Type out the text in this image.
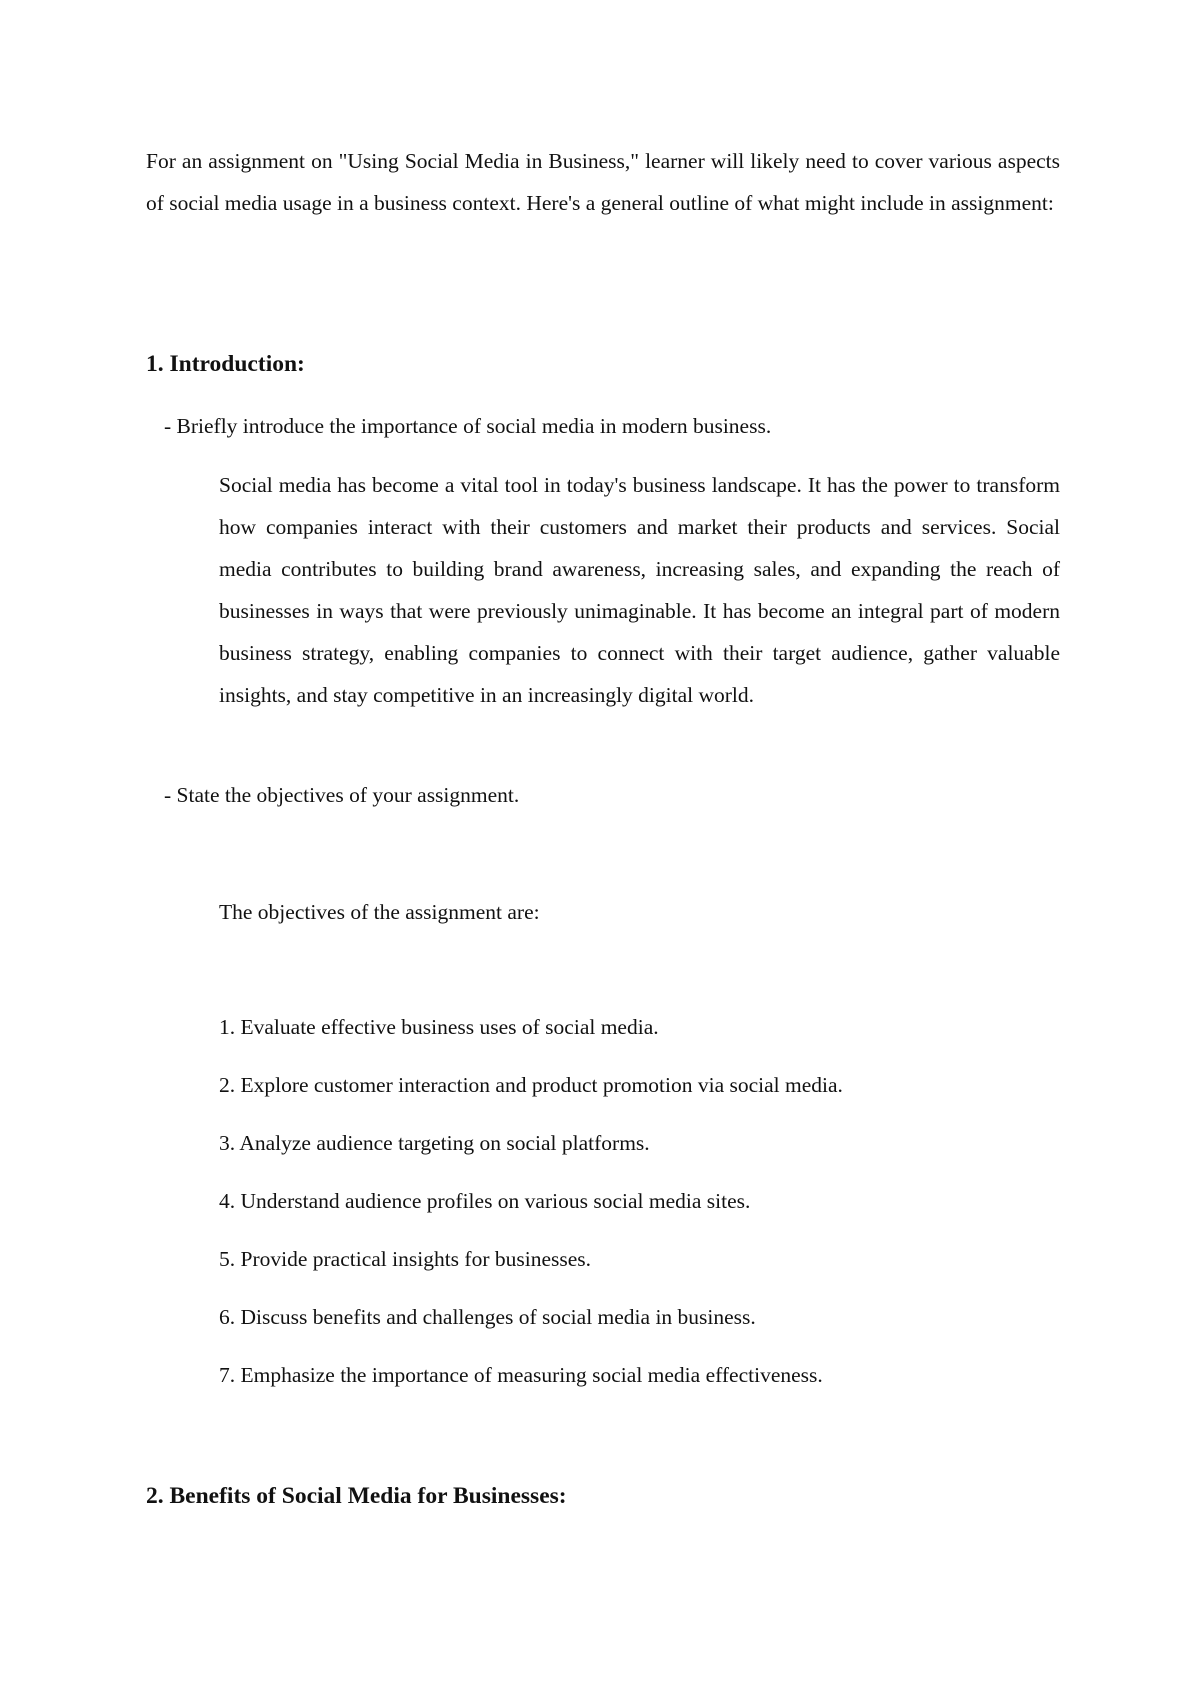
For an assignment on "Using Social Media in Business," learner will likely need to cover various aspects of social media usage in a business context. Here's a general outline of what might include in assignment:

1. Introduction:

- Briefly introduce the importance of social media in modern business.

Social media has become a vital tool in today's business landscape. It has the power to transform how companies interact with their customers and market their products and services. Social media contributes to building brand awareness, increasing sales, and expanding the reach of businesses in ways that were previously unimaginable. It has become an integral part of modern business strategy, enabling companies to connect with their target audience, gather valuable insights, and stay competitive in an increasingly digital world.

- State the objectives of your assignment.

The objectives of the assignment are:

1. Evaluate effective business uses of social media.
2. Explore customer interaction and product promotion via social media.
3. Analyze audience targeting on social platforms.
4. Understand audience profiles on various social media sites.
5. Provide practical insights for businesses.
6. Discuss benefits and challenges of social media in business.
7. Emphasize the importance of measuring social media effectiveness.
2. Benefits of Social Media for Businesses:
